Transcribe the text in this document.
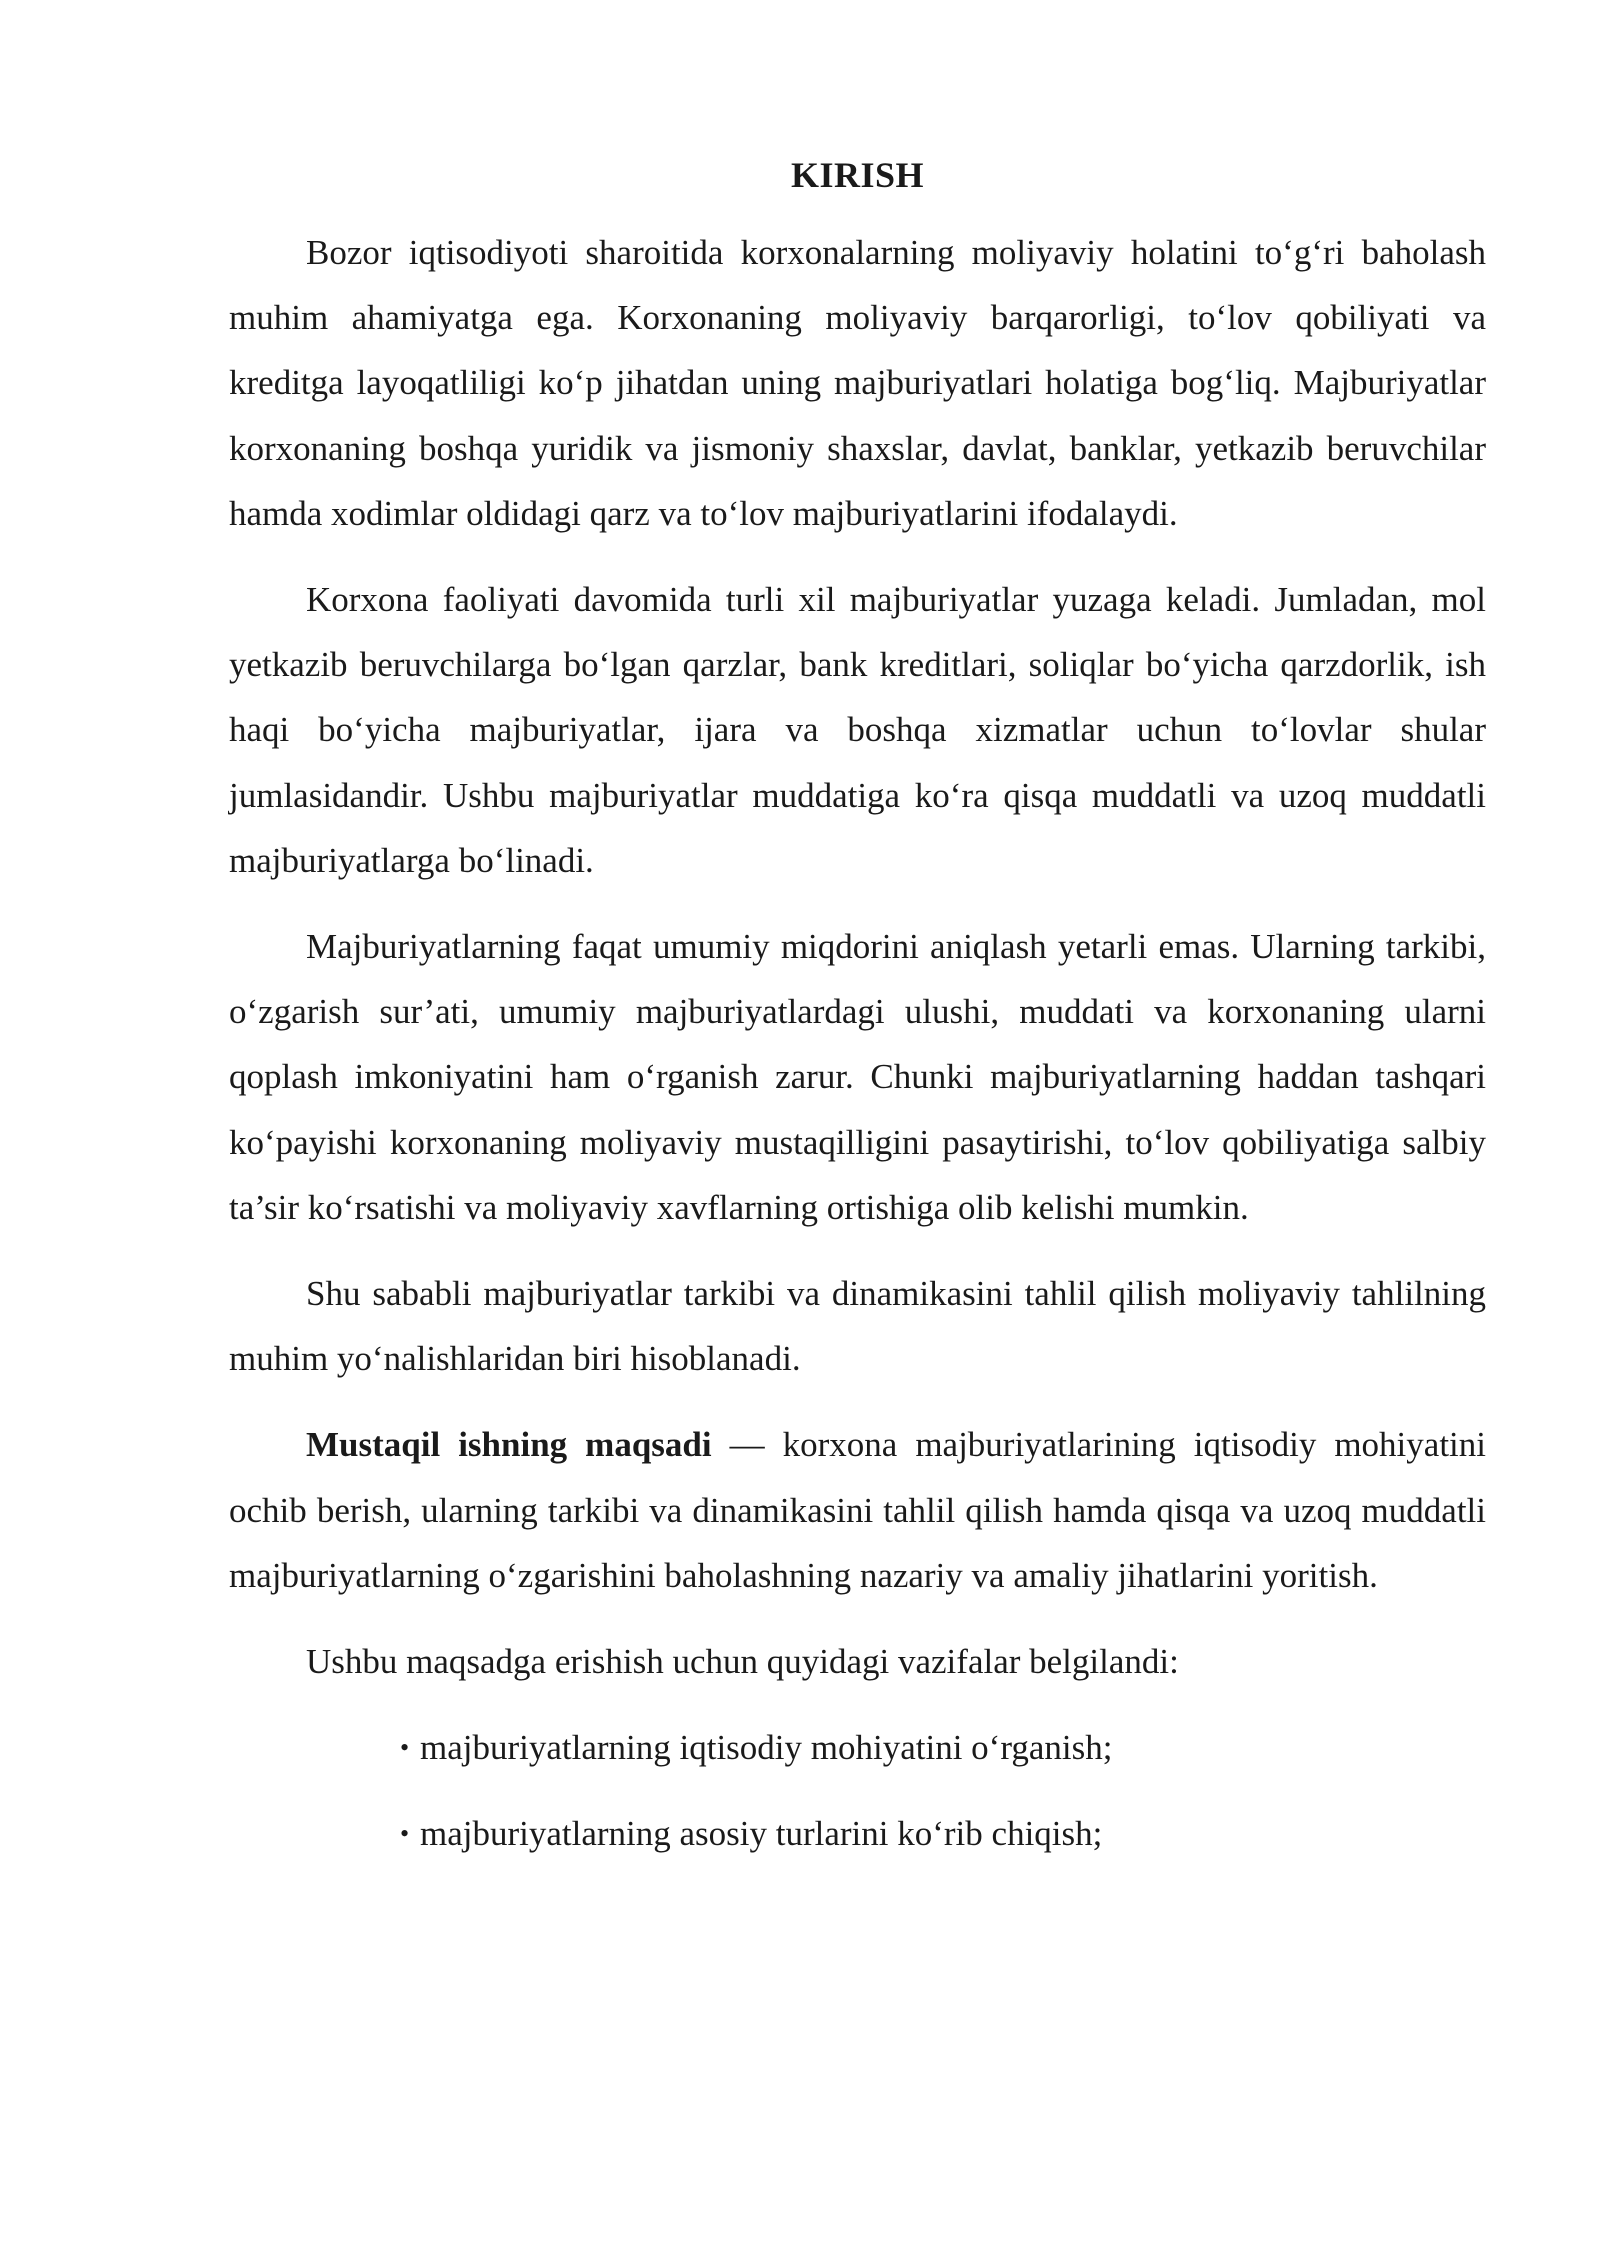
KIRISH

Bozor iqtisodiyoti sharoitida korxonalarning moliyaviy holatini to‘g‘ri baholash muhim ahamiyatga ega. Korxonaning moliyaviy barqarorligi, to‘lov qobiliyati va kreditga layoqatliligi ko‘p jihatdan uning majburiyatlari holatiga bog‘liq. Majburiyatlar korxonaning boshqa yuridik va jismoniy shaxslar, davlat, banklar, yetkazib beruvchilar hamda xodimlar oldidagi qarz va to‘lov majburiyatlarini ifodalaydi.

Korxona faoliyati davomida turli xil majburiyatlar yuzaga keladi. Jumladan, mol yetkazib beruvchilarga bo‘lgan qarzlar, bank kreditlari, soliqlar bo‘yicha qarzdorlik, ish haqi bo‘yicha majburiyatlar, ijara va boshqa xizmatlar uchun to‘lovlar shular jumlasidandir. Ushbu majburiyatlar muddatiga ko‘ra qisqa muddatli va uzoq muddatli majburiyatlarga bo‘linadi.

Majburiyatlarning faqat umumiy miqdorini aniqlash yetarli emas. Ularning tarkibi, o‘zgarish sur’ati, umumiy majburiyatlardagi ulushi, muddati va korxonaning ularni qoplash imkoniyatini ham o‘rganish zarur. Chunki majburiyatlarning haddan tashqari ko‘payishi korxonaning moliyaviy mustaqilligini pasaytirishi, to‘lov qobiliyatiga salbiy ta’sir ko‘rsatishi va moliyaviy xavflarning ortishiga olib kelishi mumkin.

Shu sababli majburiyatlar tarkibi va dinamikasini tahlil qilish moliyaviy tahlilning muhim yo‘nalishlaridan biri hisoblanadi.

Mustaqil ishning maqsadi — korxona majburiyatlarining iqtisodiy mohiyatini ochib berish, ularning tarkibi va dinamikasini tahlil qilish hamda qisqa va uzoq muddatli majburiyatlarning o‘zgarishini baholashning nazariy va amaliy jihatlarini yoritish.

Ushbu maqsadga erishish uchun quyidagi vazifalar belgilandi:

• majburiyatlarning iqtisodiy mohiyatini o‘rganish;
• majburiyatlarning asosiy turlarini ko‘rib chiqish;
